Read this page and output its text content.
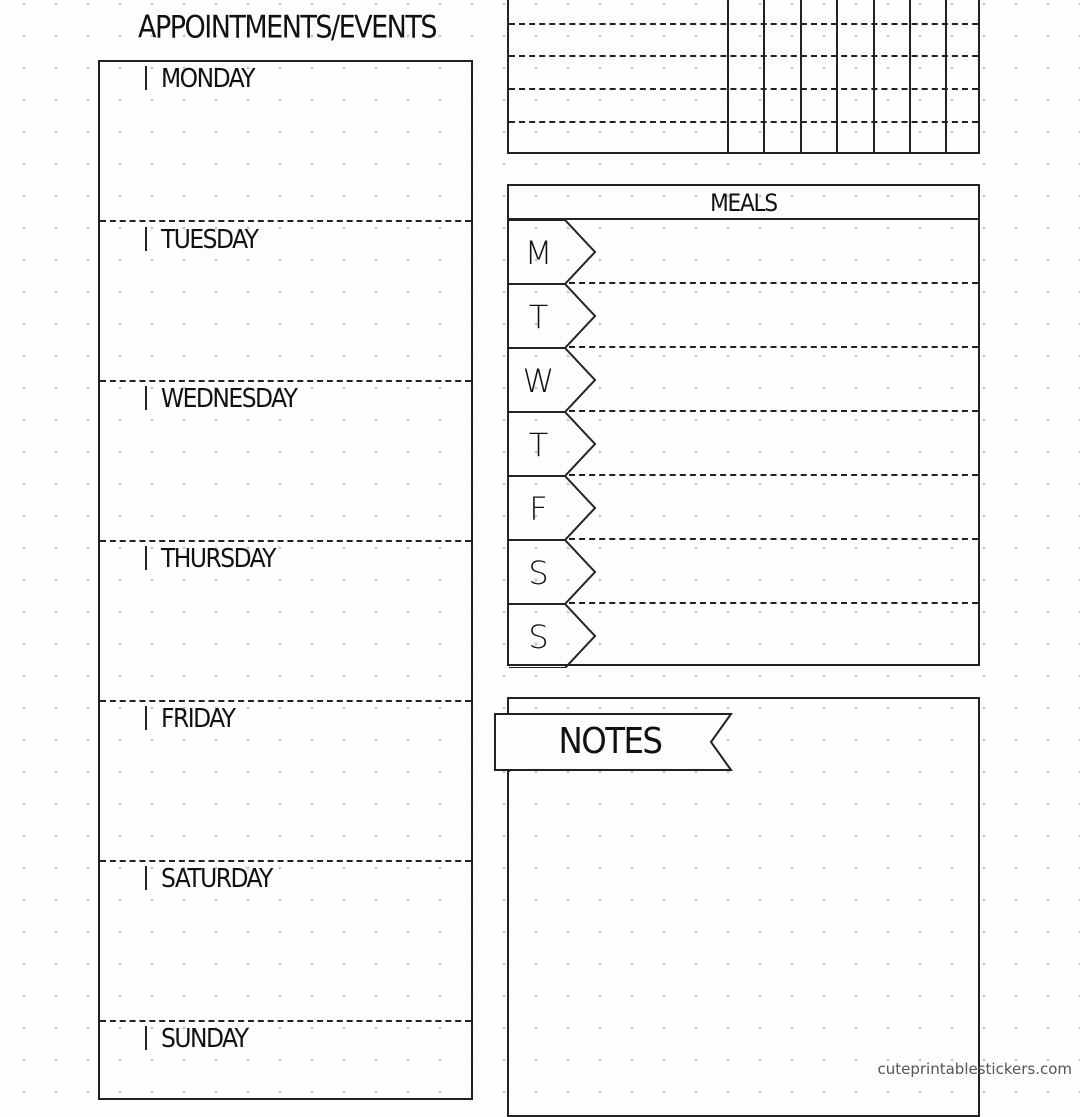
APPOINTMENTS/EVENTS
MONDAY
TUESDAY
WEDNESDAY
THURSDAY
FRIDAY
SATURDAY
SUNDAY
MEALS
M
T
W
T
F
S
S
NOTES
cuteprintablestickers.com
